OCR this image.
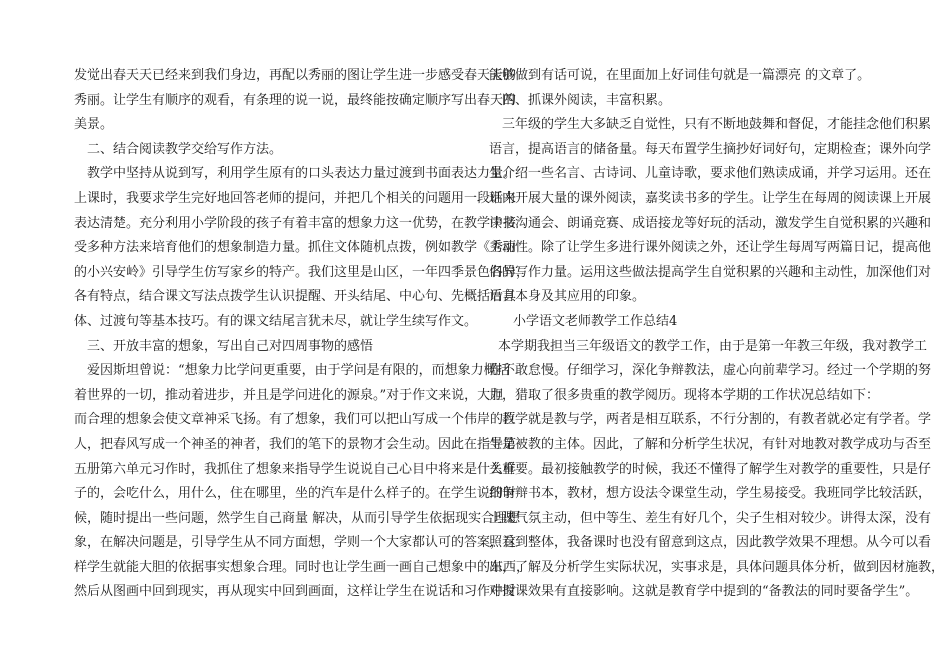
发觉出春天天已经来到我们身边，再配以秀丽的图让学生进一步感受春天天的
秀丽。让学生有顺序的观看，有条理的说一说，最终能按确定顺序写出春天的
美景。
二、结合阅读教学交给写作方法。
教学中坚持从说到写，利用学生原有的口头表达力量过渡到书面表达力量。
上课时，我要求学生完好地回答老师的提问，并把几个相关的问题用一段话来
表达清楚。充分利用小学阶段的孩子有着丰富的想象力这一优势，在教学中接
受多种方法来培育他们的想象制造力量。抓住文体随机点拨，例如教学《秀丽
的小兴安岭》引导学生仿写家乡的特产。我们这里是山区，一年四季景色各异，
各有特点，结合课文写法点拨学生认识提醒、开头结尾、中心句、先概括后具
体、过渡句等基本技巧。有的课文结尾言犹未尽，就让学生续写作文。
三、开放丰富的想象，写出自己对四周事物的感悟
爱因斯坦曾说：“想象力比学问更重要，由于学问是有限的，而想象力概括
着世界的一切，推动着进步，并且是学问进化的源泉。”对于作文来说，大胆
而合理的想象会使文章神采飞扬。有了想象，我们可以把山写成一个伟岸的巨
人，把春风写成一个神圣的神者，我们的笔下的景物才会生动。因此在指导第
五册第六单元习作时，我抓住了想象来指导学生说说自己心目中将来是什么样
子的，会吃什么，用什么，住在哪里，坐的汽车是什么样子的。在学生说的时
候，随时提出一些问题，然学生自己商量 解决，从而引导学生依据现实合理想
象，在解决问题是，引导学生从不同方面想，学则一个大家都认可的答案，这
样学生就能大胆的依据事实想象合理。同时也让学生画一画自己想象中的东西，
然后从图画中回到现实，再从现实中回到画面，这样让学生在说话和习作中时
能够做到有话可说，在里面加上好词佳句就是一篇漂亮 的文章了。
四、抓课外阅读，丰富积累。
三年级的学生大多缺乏自觉性，只有不断地鼓舞和督促，才能挂念他们积累
语言，提高语言的储备量。每天布置学生摘抄好词好句，定期检查；课外向学
生介绍一些名言、古诗词、儿童诗歌，要求他们熟读成诵，并学习运用。还在
班内开展大量的课外阅读，嘉奖读书多的学生。让学生在每周的阅读课上开展
读书沟通会、朗诵竞赛、成语接龙等好玩的活动，激发学生自觉积累的兴趣和
主动性。除了让学生多进行课外阅读之外，还让学生每周写两篇日记，提高他
们的写作力量。运用这些做法提高学生自觉积累的兴趣和主动性，加深他们对
语言本身及其应用的印象。
小学语文老师教学工作总结4
本学期我担当三年级语文的教学工作，由于是第一年教三年级，我对教学工
作不敢怠慢。仔细学习，深化争辩教法，虚心向前辈学习。经过一个学期的努
力，猎取了很多贵重的教学阅历。现将本学期的工作状况总结如下：
教学就是教与学，两者是相互联系，不行分割的，有教者就必定有学者。学
生是被教的主体。因此，了解和分析学生状况，有针对地教对教学成功与否至
关重要。最初接触教学的时候，我还不懂得了解学生对教学的重要性，只是仔
细争辩书本，教材，想方设法令课堂生动，学生易接受。我班同学比较活跃，
上课气氛主动，但中等生、差生有好几个，尖子生相对较少。讲得太深，没有
照看到整体，我备课时也没有留意到这点，因此教学效果不理想。从今可以看
出，了解及分析学生实际状况，实事求是，具体问题具体分析，做到因材施教，
对授课效果有直接影响。这就是教育学中提到的“备教法的同时要备学生”。
